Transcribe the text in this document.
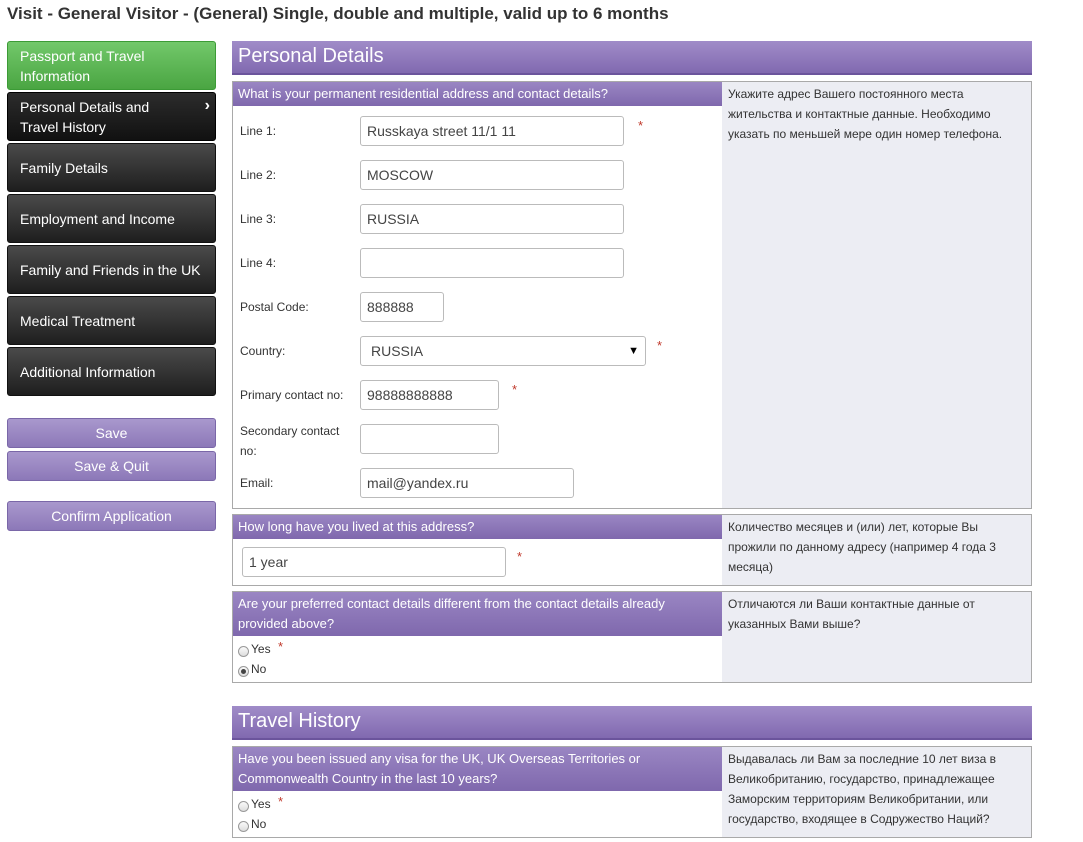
Visit - General Visitor - (General) Single, double and multiple, valid up to 6 months
Passport and Travel Information
Personal Details and Travel History
›
Family Details
Employment and Income
Family and Friends in the UK
Medical Treatment
Additional Information
Save
Save & Quit
Confirm Application
Personal Details
What is your permanent residential address and contact details?
Line 1:	Russkaya street 11/1 11	*
Line 2:	MOSCOW
Line 3:	RUSSIA
Line 4:
Postal Code:	888888
Country:	RUSSIA	▼ *
Primary contact no:	98888888888	*
Secondary contact no:
Email:	mail@yandex.ru
Укажите адрес Вашего постоянного места жительства и контактные данные. Необходимо указать по меньшей мере один номер телефона.
How long have you lived at this address?
1 year	*
Количество месяцев и (или) лет, которые Вы прожили по данному адресу (например 4 года 3 месяца)
Are your preferred contact details different from the contact details already provided above?
Yes *
No
Отличаются ли Ваши контактные данные от указанных Вами выше?
Travel History
Have you been issued any visa for the UK, UK Overseas Territories or Commonwealth Country in the last 10 years?
Yes *
No
Выдавалась ли Вам за последние 10 лет виза в Великобританию, государство, принадлежащее Заморским территориям Великобритании, или государство, входящее в Содружество Наций?
